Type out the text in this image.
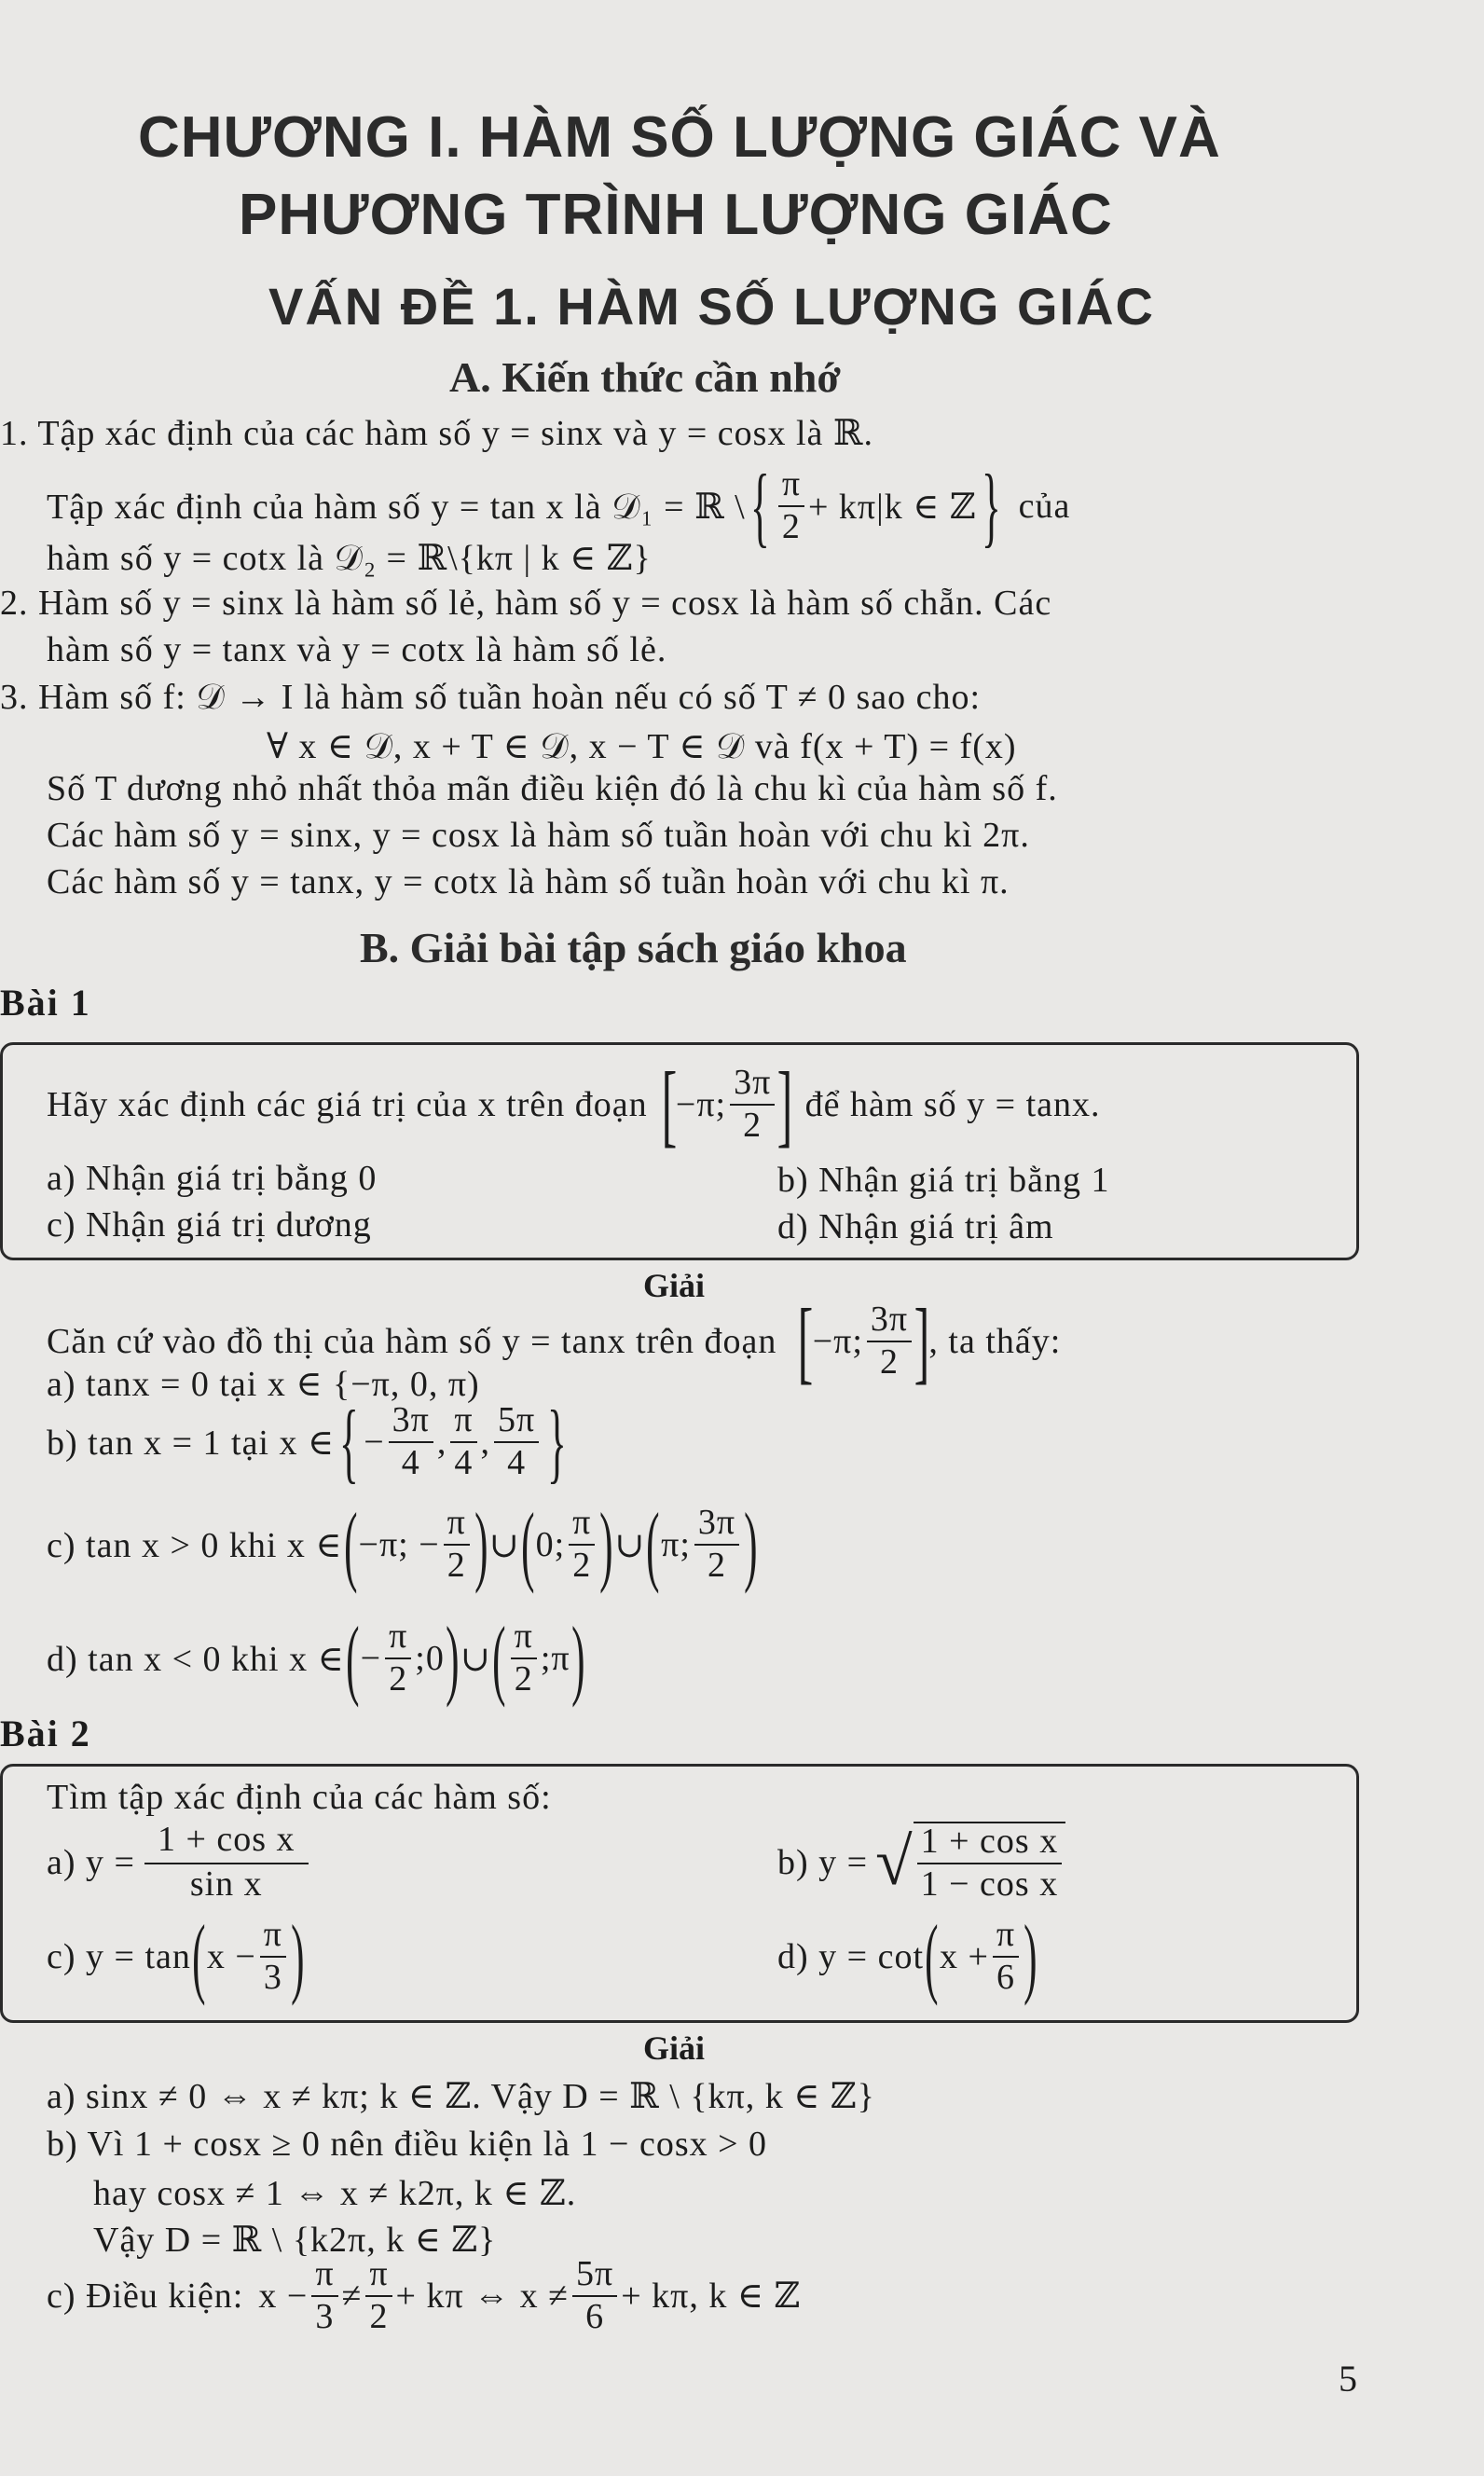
CHƯƠNG I. HÀM SỐ LƯỢNG GIÁC VÀ
PHƯƠNG TRÌNH LƯỢNG GIÁC
VẤN ĐỀ 1. HÀM SỐ LƯỢNG GIÁC
A. Kiến thức cần nhớ
1. Tập xác định của các hàm số y = sinx và y = cosx là ℝ.
Tập xác định của hàm số y = tan x là 𝒟₁ = ℝ \ { $\frac{\pi}{2} + k\pi|k$ ∈ ℤ } của
hàm số y = cotx là 𝒟₂ = ℝ\{kπ | k ∈ ℤ}
2. Hàm số y = sinx là hàm số lẻ, hàm số y = cosx là hàm số chẵn. Các
hàm số y = tanx và y = cotx là hàm số lẻ.
3. Hàm số f: 𝒟 → I là hàm số tuần hoàn nếu có số T ≠ 0 sao cho:
∀ x ∈ 𝒟, x + T ∈ 𝒟, x − T ∈ 𝒟 và f(x + T) = f(x)
Số T dương nhỏ nhất thỏa mãn điều kiện đó là chu kì của hàm số f.
Các hàm số y = sinx, y = cosx là hàm số tuần hoàn với chu kì 2π.
Các hàm số y = tanx, y = cotx là hàm số tuần hoàn với chu kì π.
B. Giải bài tập sách giáo khoa
Bài 1
Hãy xác định các giá trị của x trên đoạn [
−π; $\frac{3\pi}{2}$ ] để hàm số y = tanx.
a) Nhận giá trị bằng 0	b) Nhận giá trị bằng 1
c) Nhận giá trị dương	d) Nhận giá trị âm
Giải
Căn cứ vào đồ thị của hàm số y = tanx trên đoạn [
−π; $\frac{3\pi}{2}$ ]
, ta thấy:
a) tanx = 0 tại x ∈ {−π, 0, π)
b) tan x = 1 tại x ∈ { − $\frac{3\pi}{4}$ , $\frac{\pi}{4}$ , $\frac{5\pi}{4}$ }
c) tan x > 0 khi x ∈ ( −π; − $\frac{\pi}{2}$ ) ∪ ( 0; $\frac{\pi}{2}$ ) ∪ ( π; $\frac{3\pi}{2}$ )
d) tan x < 0 khi x ∈ ( − $\frac{\pi}{2}$ ;0 ) ∪ ( $\frac{\pi}{2}$ ;π )
Bài 2
Tìm tập xác định của các hàm số:
a) $y = \frac{\text{1 + cos x}}{\text{sin x}}$	b) y = √ $\frac{\text{1 + cos x}}{\text{1 − cos x}}$
c) y = tan ( $x - \frac{\pi}{3}$ )	d) y = cot ( $x + \frac{\pi}{6}$ )
Giải
a) sinx ≠ 0 ⇔ x ≠ kπ; k ∈ ℤ. Vậy D = ℝ \ {kπ, k ∈ ℤ}
b) Vì 1 + cosx ≥ 0 nên điều kiện là 1 − cosx > 0
hay cosx ≠ 1 ⇔ x ≠ k2π, k ∈ ℤ.
Vậy D = ℝ \ {k2π, k ∈ ℤ}
c) Điều kiện: $x - \frac{\pi}{3} \ne \frac{\pi}{2} + k\pi$ ⇔ $x \ne \frac{5\pi}{6} + k\pi$, k ∈ ℤ
5
